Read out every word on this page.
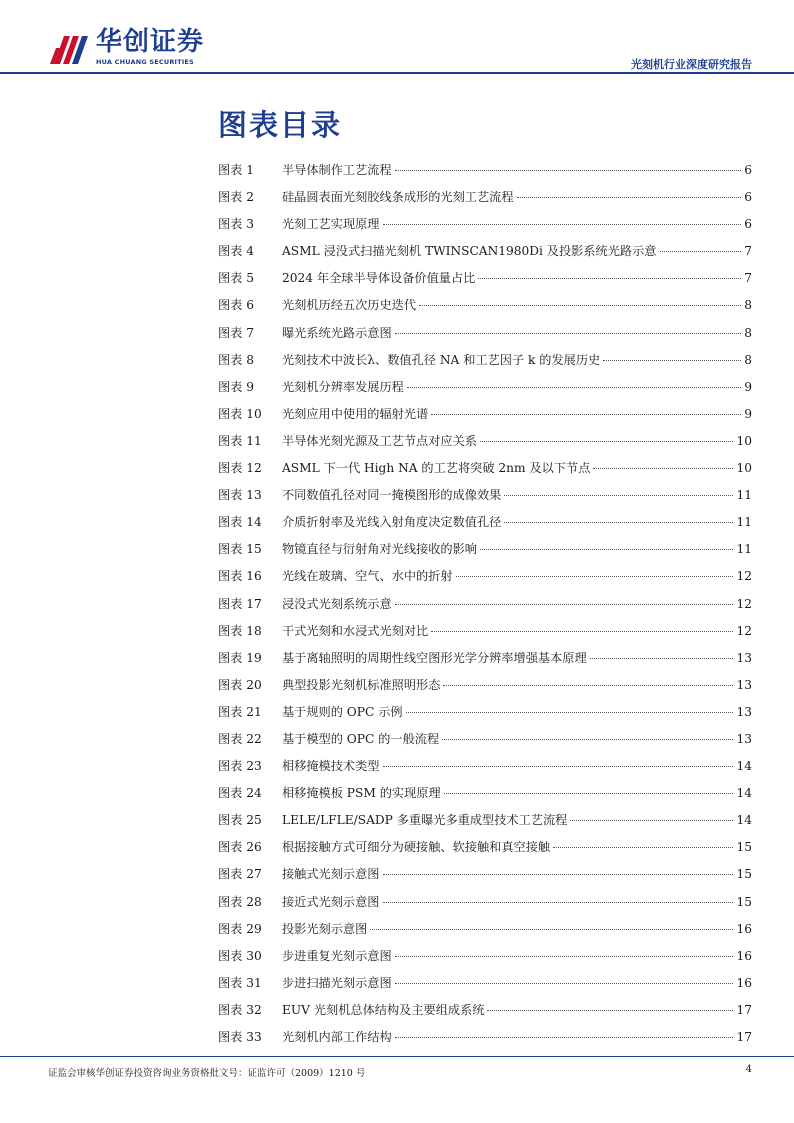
华创证券
HUA CHUANG SECURITIES	光刻机行业深度研究报告
图表目录
图表 1	半导体制作工艺流程	6
图表 2	硅晶圆表面光刻胶线条成形的光刻工艺流程	6
图表 3	光刻工艺实现原理	6
图表 4	ASML 浸没式扫描光刻机 TWINSCAN1980Di 及投影系统光路示意	7
图表 5	2024 年全球半导体设备价值量占比	7
图表 6	光刻机历经五次历史迭代	8
图表 7	曝光系统光路示意图	8
图表 8	光刻技术中波长λ、数值孔径 NA 和工艺因子 k 的发展历史	8
图表 9	光刻机分辨率发展历程	9
图表 10	光刻应用中使用的辐射光谱	9
图表 11	半导体光刻光源及工艺节点对应关系	10
图表 12	ASML 下一代 High NA 的工艺将突破 2nm 及以下节点	10
图表 13	不同数值孔径对同一掩模图形的成像效果	11
图表 14	介质折射率及光线入射角度决定数值孔径	11
图表 15	物镜直径与衍射角对光线接收的影响	11
图表 16	光线在玻璃、空气、水中的折射	12
图表 17	浸没式光刻系统示意	12
图表 18	干式光刻和水浸式光刻对比	12
图表 19	基于离轴照明的周期性线空图形光学分辨率增强基本原理	13
图表 20	典型投影光刻机标准照明形态	13
图表 21	基于规则的 OPC 示例	13
图表 22	基于模型的 OPC 的一般流程	13
图表 23	相移掩模技术类型	14
图表 24	相移掩模板 PSM 的实现原理	14
图表 25	LELE/LFLE/SADP 多重曝光多重成型技术工艺流程	14
图表 26	根据接触方式可细分为硬接触、软接触和真空接触	15
图表 27	接触式光刻示意图	15
图表 28	接近式光刻示意图	15
图表 29	投影光刻示意图	16
图表 30	步进重复光刻示意图	16
图表 31	步进扫描光刻示意图	16
图表 32	EUV 光刻机总体结构及主要组成系统	17
图表 33	光刻机内部工作结构	17
证监会审核华创证券投资咨询业务资格批文号：证监许可（2009）1210 号	4
